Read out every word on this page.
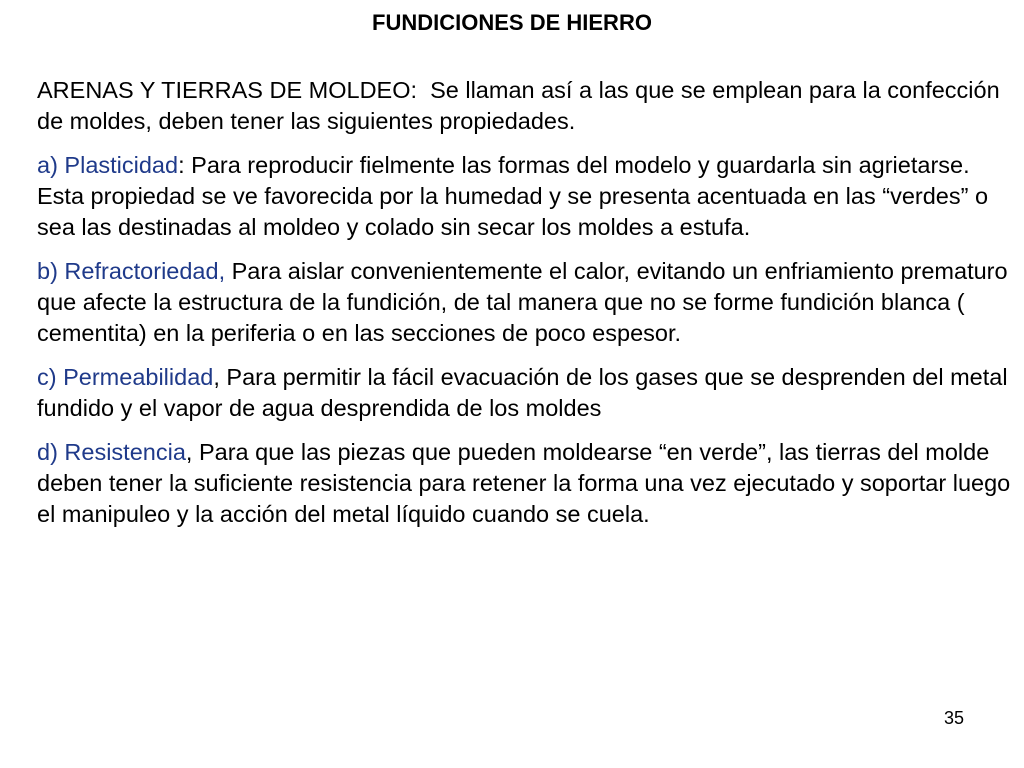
FUNDICIONES DE HIERRO

ARENAS Y TIERRAS DE MOLDEO:  Se llaman así a las que se emplean para la confección de moldes, deben tener las siguientes propiedades.

a) Plasticidad: Para reproducir fielmente las formas del modelo y guardarla sin agrietarse. Esta propiedad se ve favorecida por la humedad y se presenta acentuada en las “verdes” o sea las destinadas al moldeo y colado sin secar los moldes a estufa.

b) Refractoriedad, Para aislar convenientemente el calor, evitando un enfriamiento prematuro que afecte la estructura de la fundición, de tal manera que no se forme fundición blanca ( cementita) en la periferia o en las secciones de poco espesor.

c) Permeabilidad, Para permitir la fácil evacuación de los gases que se desprenden del metal fundido y el vapor de agua desprendida de los moldes

d) Resistencia, Para que las piezas que pueden moldearse “en verde”, las tierras del molde deben tener la suficiente resistencia para retener la forma una vez ejecutado y soportar luego el manipuleo y la acción del metal líquido cuando se cuela.

35
